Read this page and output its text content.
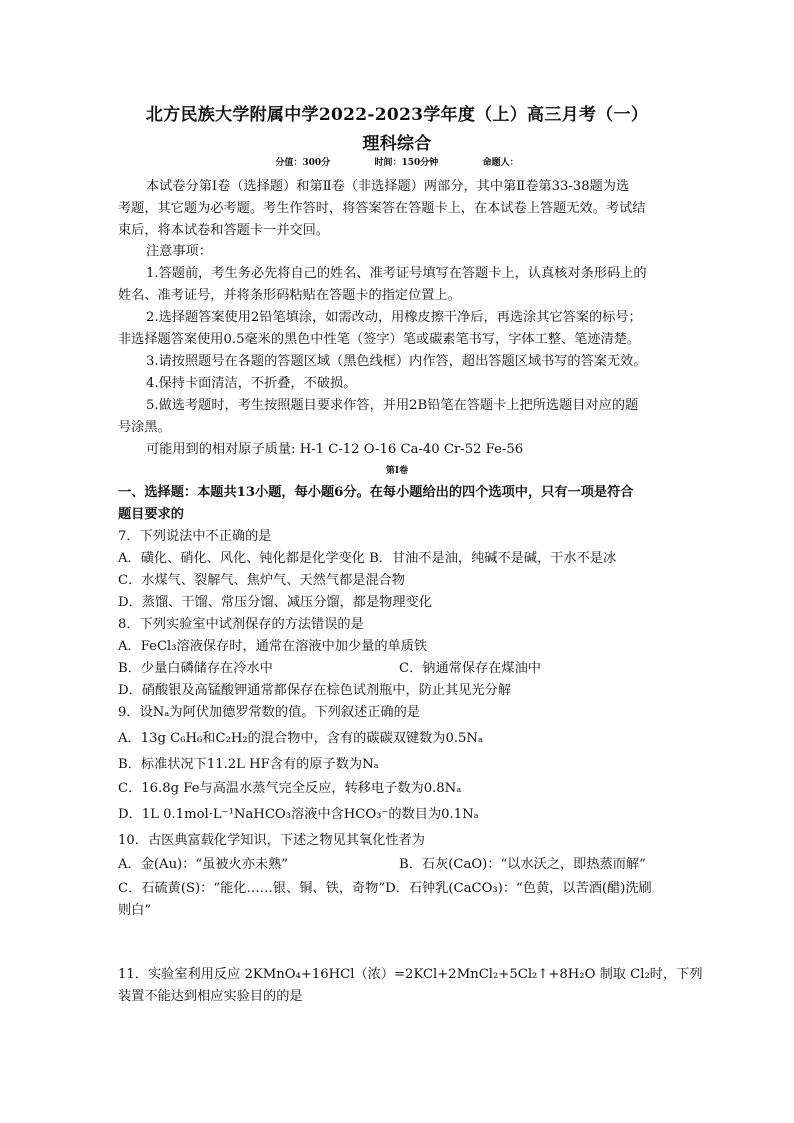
北方民族大学附属中学2022-2023学年度（上）高三月考（一）
理科综合
分值：300分	时间：150分钟	命题人：
本试卷分第Ⅰ卷（选择题）和第Ⅱ卷（非选择题）两部分，其中第Ⅱ卷第33-38题为选
考题，其它题为必考题。考生作答时，将答案答在答题卡上，在本试卷上答题无效。考试结
束后，将本试卷和答题卡一并交回。
注意事项：
1.答题前，考生务必先将自己的姓名、准考证号填写在答题卡上，认真核对条形码上的
姓名、准考证号，并将条形码粘贴在答题卡的指定位置上。
2.选择题答案使用2铅笔填涂，如需改动，用橡皮擦干净后，再选涂其它答案的标号；
非选择题答案使用0.5毫米的黑色中性笔（签字）笔或碳素笔书写，字体工整、笔迹清楚。
3.请按照题号在各题的答题区域（黑色线框）内作答，超出答题区域书写的答案无效。
4.保持卡面清洁，不折叠，不破损。
5.做选考题时，考生按照题目要求作答，并用2B铅笔在答题卡上把所选题目对应的题
号涂黑。
可能用到的相对原子质量: H-1 C-12 O-16 Ca-40 Cr-52 Fe-56
第Ⅰ卷
一、选择题：本题共13小题，每小题6分。在每小题给出的四个选项中，只有一项是符合
题目要求的
7．下列说法中不正确的是
A．磺化、硝化、风化、钝化都是化学变化 B．甘油不是油，纯碱不是碱，干水不是冰
C．水煤气、裂解气、焦炉气、天然气都是混合物
D．蒸馏、干馏、常压分馏、减压分馏，都是物理变化
8．下列实验室中试剂保存的方法错误的是
A．FeCl₃溶液保存时，通常在溶液中加少量的单质铁
B．少量白磷储存在冷水中	C．钠通常保存在煤油中
D．硝酸银及高锰酸钾通常都保存在棕色试剂瓶中，防止其见光分解
9．设Nₐ为阿伏加德罗常数的值。下列叙述正确的是
A．13g C₆H₆和C₂H₂的混合物中，含有的碳碳双键数为0.5Nₐ
B．标准状况下11.2L HF含有的原子数为Nₐ
C．16.8g Fe与高温水蒸气完全反应，转移电子数为0.8Nₐ
D．1L 0.1mol·L⁻¹NaHCO₃溶液中含HCO₃⁻的数目为0.1Nₐ
10．古医典富载化学知识，下述之物见其氧化性者为
A．金(Au)：“虽被火亦未熟”	B．石灰(CaO)：“以水沃之，即热蒸而解”
C．石硫黄(S)：“能化……银、铜、铁，奇物”D．石钟乳(CaCO₃)：“色黄，以苦酒(醋)洗刷
则白”
11．实验室利用反应 2KMnO₄+16HCl（浓）=2KCl+2MnCl₂+5Cl₂↑+8H₂O 制取 Cl₂时，下列
装置不能达到相应实验目的的是
